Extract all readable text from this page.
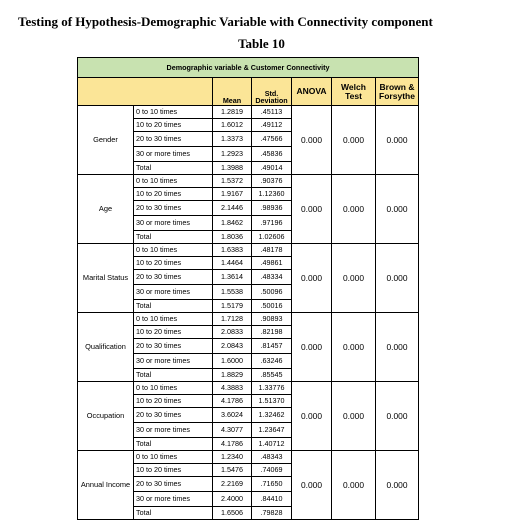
Testing of Hypothesis-Demographic Variable with Connectivity component
Table 10
Demographic variable & Customer Connectivity						
		Mean	Std. Deviation	ANOVA	Welch Test	Brown & Forsythe
Gender	0 to 10 times	1.2819	.45113	0.000	0.000	0.000
	10 to 20 times	1.6012	.49112			
	20 to 30 times	1.3373	.47566			
	30 or more times	1.2923	.45836			
	Total	1.3988	.49014			
Age	0 to 10 times	1.5372	.90376	0.000	0.000	0.000
	10 to 20 times	1.9167	1.12360			
	20 to 30 times	2.1446	.98936			
	30 or more times	1.8462	.97196			
	Total	1.8036	1.02606			
Marital Status	0 to 10 times	1.6383	.48178	0.000	0.000	0.000
	10 to 20 times	1.4464	.49861			
	20 to 30 times	1.3614	.48334			
	30 or more times	1.5538	.50096			
	Total	1.5179	.50016			
Qualification	0 to 10 times	1.7128	.90893	0.000	0.000	0.000
	10 to 20 times	2.0833	.82198			
	20 to 30 times	2.0843	.81457			
	30 or more times	1.6000	.63246			
	Total	1.8829	.85545			
Occupation	0 to 10 times	4.3883	1.33776	0.000	0.000	0.000
	10 to 20 times	4.1786	1.51370			
	20 to 30 times	3.6024	1.32462			
	30 or more times	4.3077	1.23647			
	Total	4.1786	1.40712			
Annual Income	0 to 10 times	1.2340	.48343	0.000	0.000	0.000
	10 to 20 times	1.5476	.74069			
	20 to 30 times	2.2169	.71650			
	30 or more times	2.4000	.84410			
	Total	1.6506	.79828			
